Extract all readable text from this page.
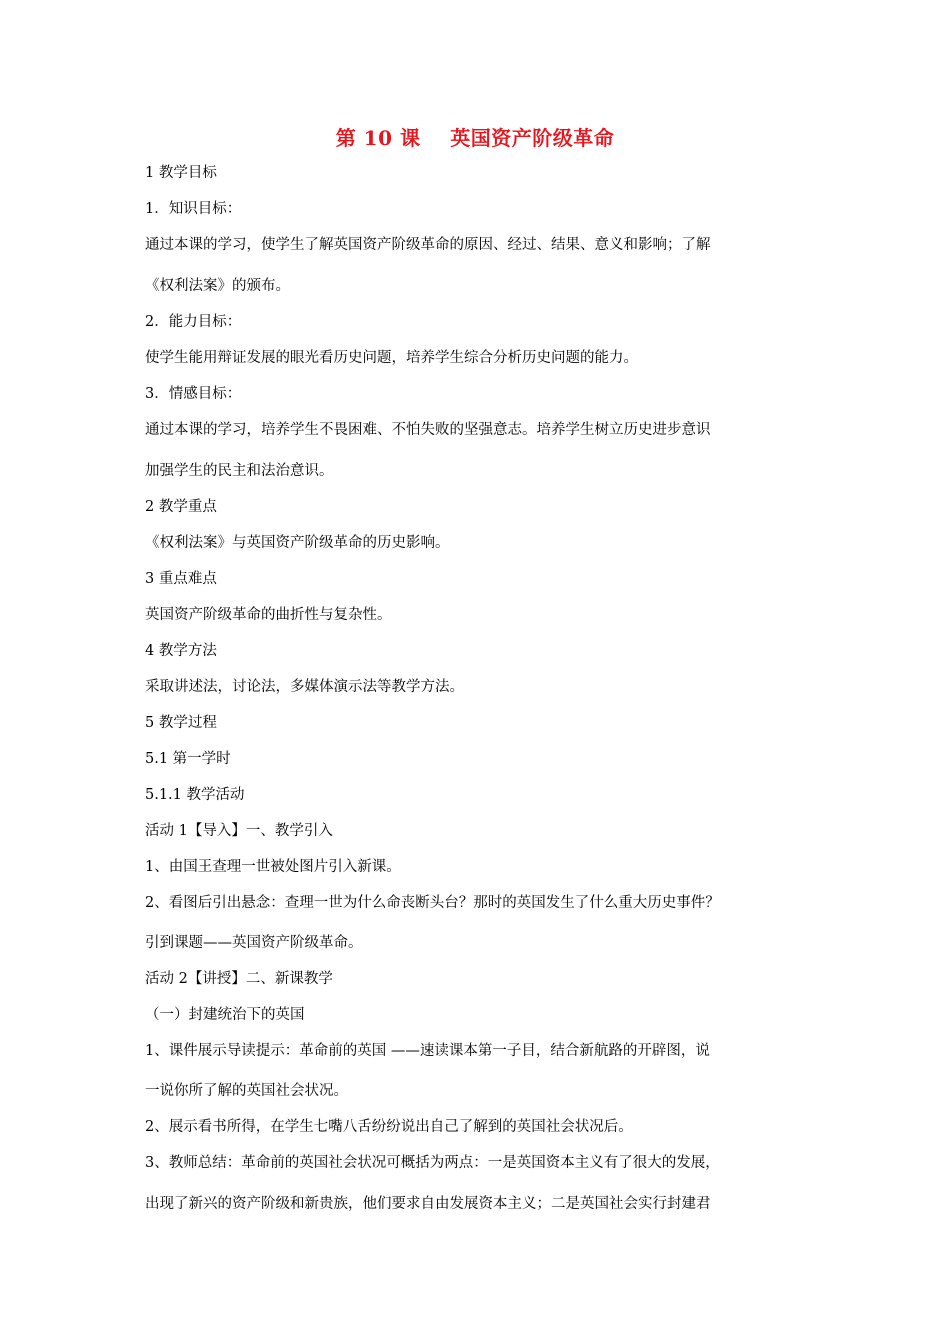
第 10 课    英国资产阶级革命
1 教学目标
1．知识目标：
通过本课的学习，使学生了解英国资产阶级革命的原因、经过、结果、意义和影响；了解
《权利法案》的颁布。
2．能力目标：
使学生能用辩证发展的眼光看历史问题，培养学生综合分析历史问题的能力。
3．情感目标：
通过本课的学习，培养学生不畏困难、不怕失败的坚强意志。培养学生树立历史进步意识
加强学生的民主和法治意识。
2 教学重点
《权利法案》与英国资产阶级革命的历史影响。
3 重点难点
英国资产阶级革命的曲折性与复杂性。
4 教学方法
采取讲述法，讨论法，多媒体演示法等教学方法。
5 教学过程
5.1 第一学时
5.1.1 教学活动
活动 1【导入】一、教学引入
1、由国王查理一世被处图片引入新课。
2、看图后引出悬念：查理一世为什么命丧断头台？那时的英国发生了什么重大历史事件？
引到课题——英国资产阶级革命。
活动 2【讲授】二、新课教学
（一）封建统治下的英国
1、课件展示导读提示：革命前的英国 ——速读课本第一子目，结合新航路的开辟图，说
一说你所了解的英国社会状况。
2、展示看书所得，在学生七嘴八舌纷纷说出自己了解到的英国社会状况后。
3、教师总结：革命前的英国社会状况可概括为两点：一是英国资本主义有了很大的发展，
出现了新兴的资产阶级和新贵族，他们要求自由发展资本主义；二是英国社会实行封建君
